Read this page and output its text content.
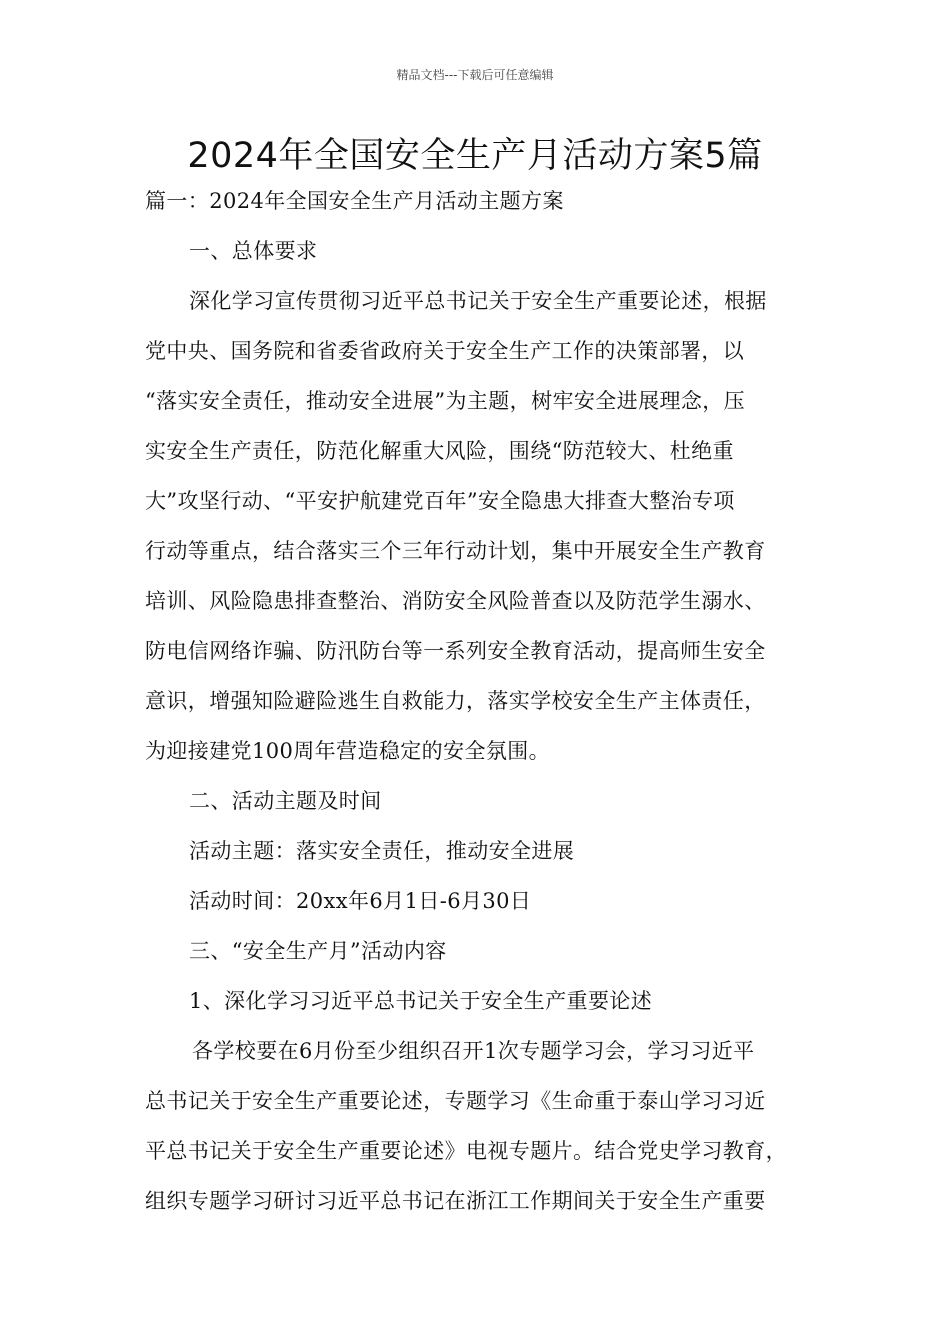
精品文档---下载后可任意编辑
2024年全国安全生产月活动方案5篇
篇一：2024年全国安全生产月活动主题方案
一、总体要求
深化学习宣传贯彻习近平总书记关于安全生产重要论述，根据
党中央、国务院和省委省政府关于安全生产工作的决策部署，以
“落实安全责任，推动安全进展”为主题，树牢安全进展理念，压
实安全生产责任，防范化解重大风险，围绕“防范较大、杜绝重
大”攻坚行动、“平安护航建党百年”安全隐患大排查大整治专项
行动等重点，结合落实三个三年行动计划，集中开展安全生产教育
培训、风险隐患排查整治、消防安全风险普查以及防范学生溺水、
防电信网络诈骗、防汛防台等一系列安全教育活动，提高师生安全
意识，增强知险避险逃生自救能力，落实学校安全生产主体责任，
为迎接建党100周年营造稳定的安全氛围。
二、活动主题及时间
活动主题：落实安全责任，推动安全进展
活动时间：20xx年6月1日-6月30日
三、“安全生产月”活动内容
1、深化学习习近平总书记关于安全生产重要论述
各学校要在6月份至少组织召开1次专题学习会，学习习近平
总书记关于安全生产重要论述，专题学习《生命重于泰山学习习近
平总书记关于安全生产重要论述》电视专题片。结合党史学习教育，
组织专题学习研讨习近平总书记在浙江工作期间关于安全生产重要
